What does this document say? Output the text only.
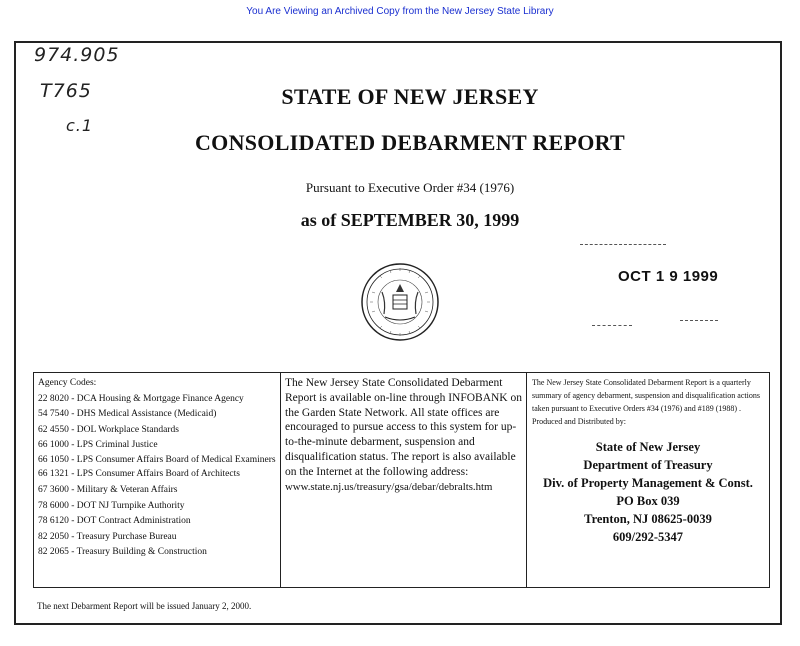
You Are Viewing an Archived Copy from the New Jersey State Library
974.905
T765
c.1
STATE OF NEW JERSEY
CONSOLIDATED DEBARMENT REPORT
Pursuant to Executive Order #34 (1976)
as of SEPTEMBER 30, 1999
OCT 1 9 1999
Agency Codes:
22 8020 - DCA Housing & Mortgage Finance Agency
54 7540 - DHS Medical Assistance (Medicaid)
62 4550 - DOL Workplace Standards
66 1000 - LPS Criminal Justice
66 1050 - LPS Consumer Affairs Board of Medical Examiners
66 1321 - LPS Consumer Affairs Board of Architects
67 3600 - Military & Veteran Affairs
78 6000 - DOT NJ Turnpike Authority
78 6120 - DOT Contract Administration
82 2050 - Treasury Purchase Bureau
82 2065 - Treasury Building & Construction
The New Jersey State Consolidated Debarment Report is available on-line through INFOBANK on the Garden State Network. All state offices are encouraged to pursue access to this system for up-to-the-minute debarment, suspension and disqualification status. The report is also available on the Internet at the following address:
www.state.nj.us/treasury/gsa/debar/debralts.htm
The New Jersey State Consolidated Debarment Report is a quarterly summary of agency debarment, suspension and disqualification actions taken pursuant to Executive Orders #34 (1976) and #189 (1988) . Produced and Distributed by:
State of New Jersey
Department of Treasury
Div. of Property Management & Const.
PO Box 039
Trenton, NJ 08625-0039
609/292-5347
The next Debarment Report will be issued January 2, 2000.
